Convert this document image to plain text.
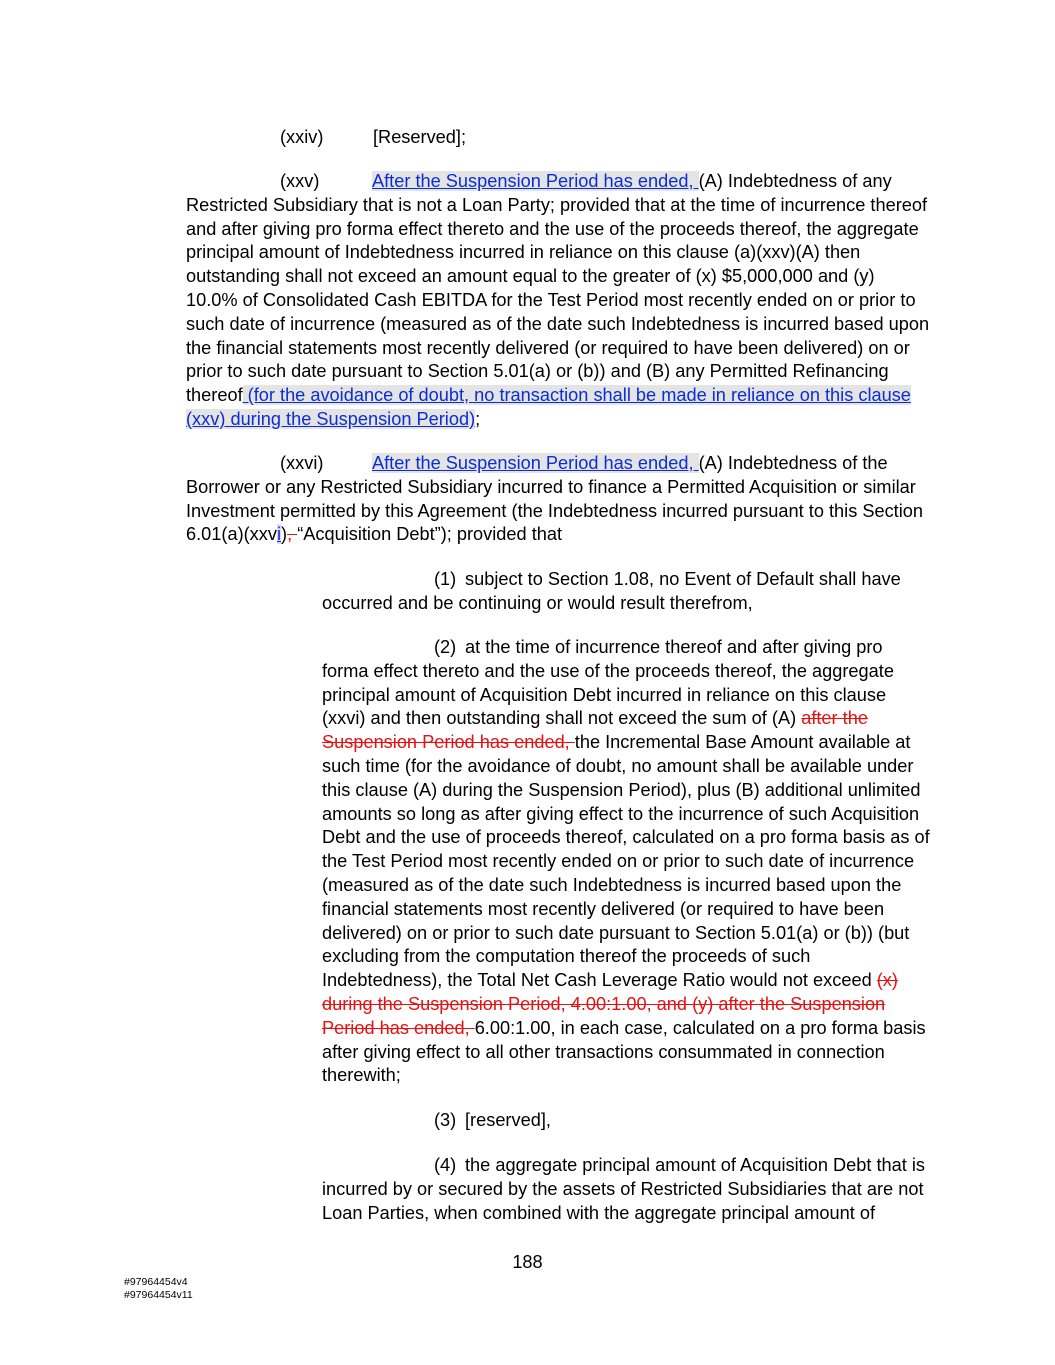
(xxiv)	[Reserved];
(xxv)	After the Suspension Period has ended, (A) Indebtedness of any Restricted Subsidiary that is not a Loan Party; provided that at the time of incurrence thereof and after giving pro forma effect thereto and the use of the proceeds thereof, the aggregate principal amount of Indebtedness incurred in reliance on this clause (a)(xxv)(A) then outstanding shall not exceed an amount equal to the greater of (x) $5,000,000 and (y) 10.0% of Consolidated Cash EBITDA for the Test Period most recently ended on or prior to such date of incurrence (measured as of the date such Indebtedness is incurred based upon the financial statements most recently delivered (or required to have been delivered) on or prior to such date pursuant to Section 5.01(a) or (b)) and (B) any Permitted Refinancing thereof (for the avoidance of doubt, no transaction shall be made in reliance on this clause (xxv) during the Suspension Period);
(xxvi)	After the Suspension Period has ended, (A) Indebtedness of the Borrower or any Restricted Subsidiary incurred to finance a Permitted Acquisition or similar Investment permitted by this Agreement (the Indebtedness incurred pursuant to this Section 6.01(a)(xxvi), “Acquisition Debt”); provided that
(1) subject to Section 1.08, no Event of Default shall have occurred and be continuing or would result therefrom,
(2) at the time of incurrence thereof and after giving pro forma effect thereto and the use of the proceeds thereof, the aggregate principal amount of Acquisition Debt incurred in reliance on this clause (xxvi) and then outstanding shall not exceed the sum of (A) after the Suspension Period has ended, the Incremental Base Amount available at such time (for the avoidance of doubt, no amount shall be available under this clause (A) during the Suspension Period), plus (B) additional unlimited amounts so long as after giving effect to the incurrence of such Acquisition Debt and the use of proceeds thereof, calculated on a pro forma basis as of the Test Period most recently ended on or prior to such date of incurrence (measured as of the date such Indebtedness is incurred based upon the financial statements most recently delivered (or required to have been delivered) on or prior to such date pursuant to Section 5.01(a) or (b)) (but excluding from the computation thereof the proceeds of such Indebtedness), the Total Net Cash Leverage Ratio would not exceed (x) during the Suspension Period, 4.00:1.00, and (y) after the Suspension Period has ended, 6.00:1.00, in each case, calculated on a pro forma basis after giving effect to all other transactions consummated in connection therewith;
(3) [reserved],
(4) the aggregate principal amount of Acquisition Debt that is incurred by or secured by the assets of Restricted Subsidiaries that are not Loan Parties, when combined with the aggregate principal amount of
188
#97964454v4
#97964454v11
